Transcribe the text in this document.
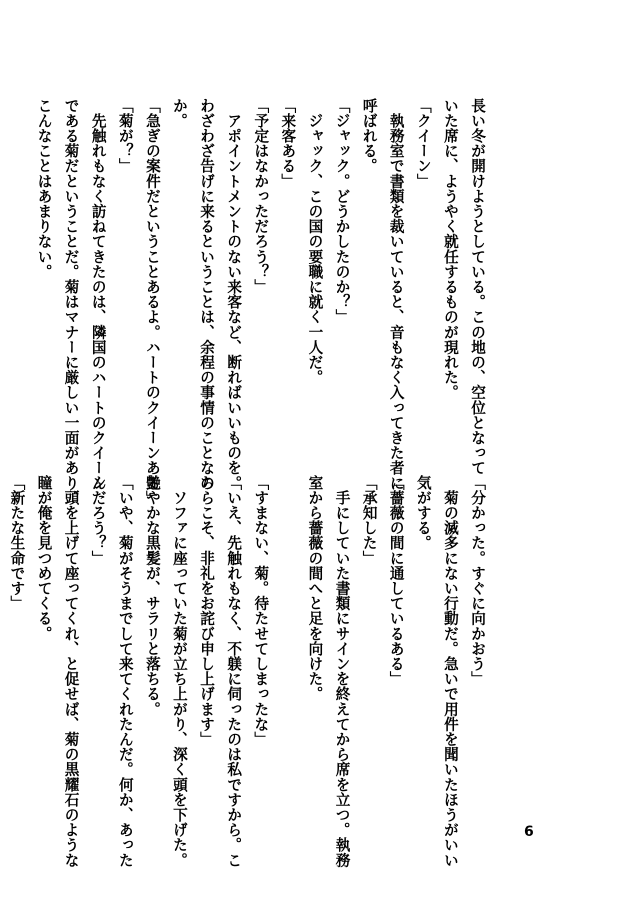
長い冬が開けようとしている。この地の、空位となって
いた席に、ようやく就任するものが現れた。
「クイーン」
　執務室で書類を裁いていると、音もなく入ってきた者に
呼ばれる。
「ジャック。どうかしたのか？」
　ジャック、この国の要職に就く一人だ。
「来客ある」
「予定はなかっただろう？」
　アポイントメントのない来客など、断ればいいものを。
わざわざ告げに来るということは、余程の事情のことなの
か。
「急ぎの案件だということあるよ。ハートのクイーンある」
「菊が？」
　先触れもなく訪ねてきたのは、隣国のハートのクイーン
である菊だということだ。菊はマナーに厳しい一面があり、
こんなことはあまりない。
「分かった。すぐに向かおう」
　菊の滅多にない行動だ。急いで用件を聞いたほうがいい
気がする。
「薔薇の間に通しているある」
「承知した」
　手にしていた書類にサインを終えてから席を立つ。執務
室から薔薇の間へと足を向けた。

「すまない、菊。待たせてしまったな」
「いえ、先触れもなく、不躾に伺ったのは私ですから。こ
ちらこそ、非礼をお詫び申し上げます」
　ソファに座っていた菊が立ち上がり、深く頭を下げた。
艶やかな黒髪が、サラリと落ちる。
「いや、菊がそうまでして来てくれたんだ。何か、あった
んだろう？」
　頭を上げて座ってくれ、と促せば、菊の黒耀石のような
瞳が俺を見つめてくる。
「新たな生命です」
6
